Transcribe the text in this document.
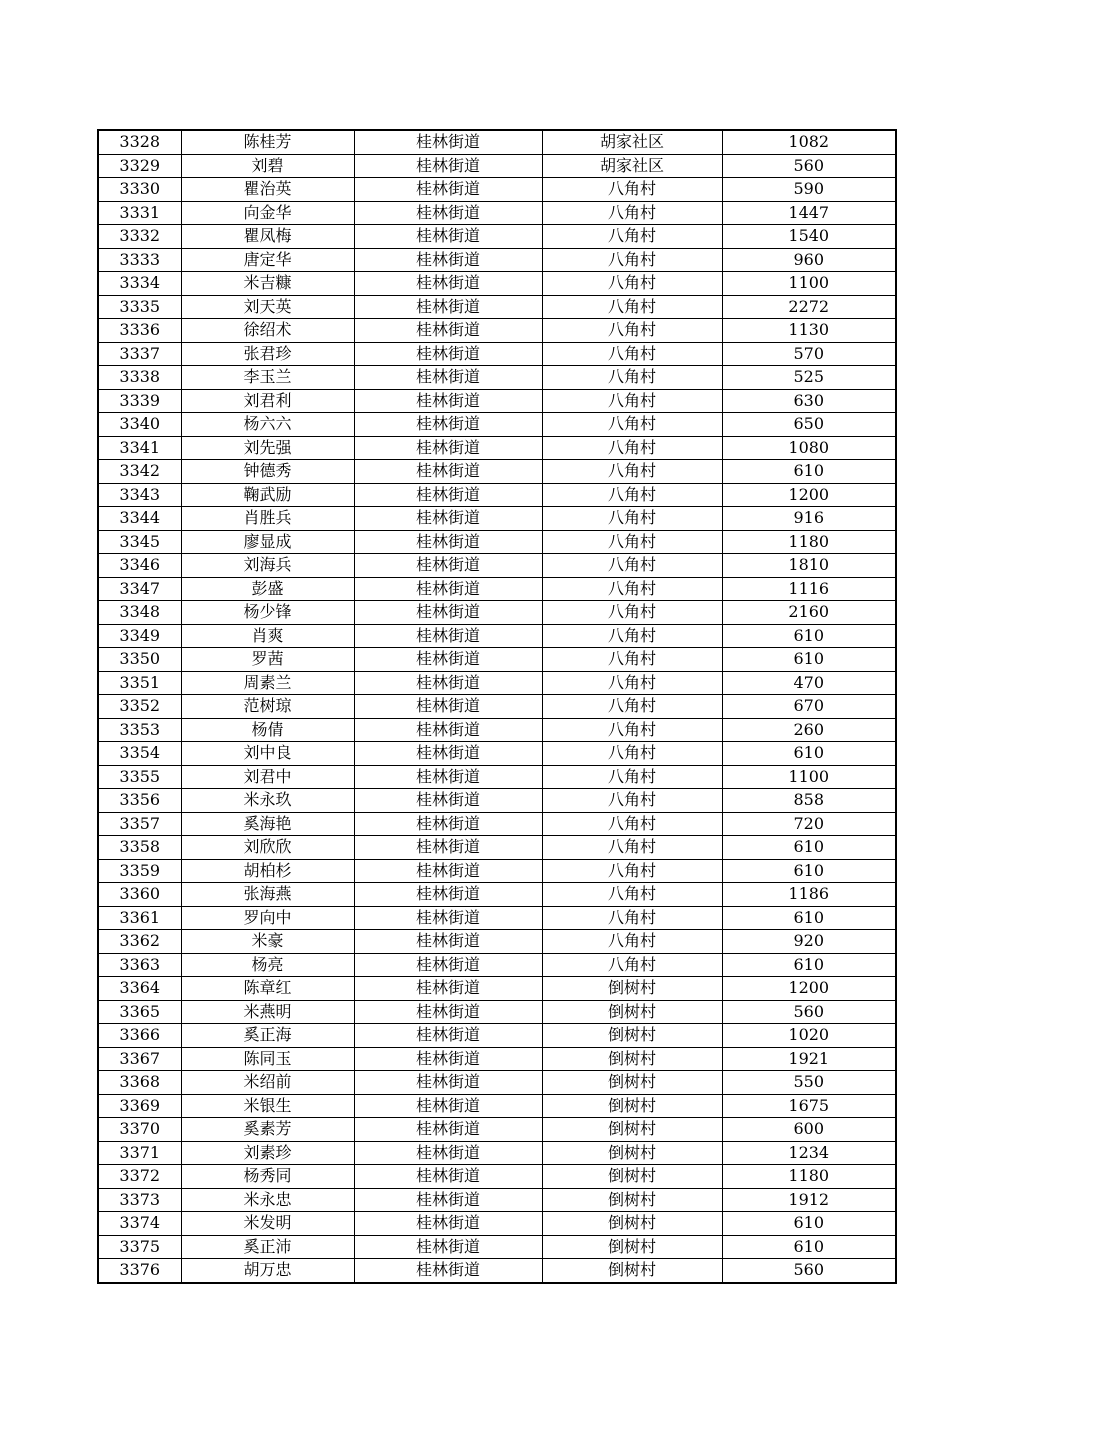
3328	陈桂芳	桂林街道	胡家社区	1082
3329	刘碧	桂林街道	胡家社区	560
3330	瞿治英	桂林街道	八角村	590
3331	向金华	桂林街道	八角村	1447
3332	瞿凤梅	桂林街道	八角村	1540
3333	唐定华	桂林街道	八角村	960
3334	米吉糠	桂林街道	八角村	1100
3335	刘天英	桂林街道	八角村	2272
3336	徐绍术	桂林街道	八角村	1130
3337	张君珍	桂林街道	八角村	570
3338	李玉兰	桂林街道	八角村	525
3339	刘君利	桂林街道	八角村	630
3340	杨六六	桂林街道	八角村	650
3341	刘先强	桂林街道	八角村	1080
3342	钟德秀	桂林街道	八角村	610
3343	鞠武励	桂林街道	八角村	1200
3344	肖胜兵	桂林街道	八角村	916
3345	廖显成	桂林街道	八角村	1180
3346	刘海兵	桂林街道	八角村	1810
3347	彭盛	桂林街道	八角村	1116
3348	杨少锋	桂林街道	八角村	2160
3349	肖爽	桂林街道	八角村	610
3350	罗茜	桂林街道	八角村	610
3351	周素兰	桂林街道	八角村	470
3352	范树琼	桂林街道	八角村	670
3353	杨倩	桂林街道	八角村	260
3354	刘中良	桂林街道	八角村	610
3355	刘君中	桂林街道	八角村	1100
3356	米永玖	桂林街道	八角村	858
3357	奚海艳	桂林街道	八角村	720
3358	刘欣欣	桂林街道	八角村	610
3359	胡柏杉	桂林街道	八角村	610
3360	张海燕	桂林街道	八角村	1186
3361	罗向中	桂林街道	八角村	610
3362	米豪	桂林街道	八角村	920
3363	杨亮	桂林街道	八角村	610
3364	陈章红	桂林街道	倒树村	1200
3365	米燕明	桂林街道	倒树村	560
3366	奚正海	桂林街道	倒树村	1020
3367	陈同玉	桂林街道	倒树村	1921
3368	米绍前	桂林街道	倒树村	550
3369	米银生	桂林街道	倒树村	1675
3370	奚素芳	桂林街道	倒树村	600
3371	刘素珍	桂林街道	倒树村	1234
3372	杨秀同	桂林街道	倒树村	1180
3373	米永忠	桂林街道	倒树村	1912
3374	米发明	桂林街道	倒树村	610
3375	奚正沛	桂林街道	倒树村	610
3376	胡万忠	桂林街道	倒树村	560
